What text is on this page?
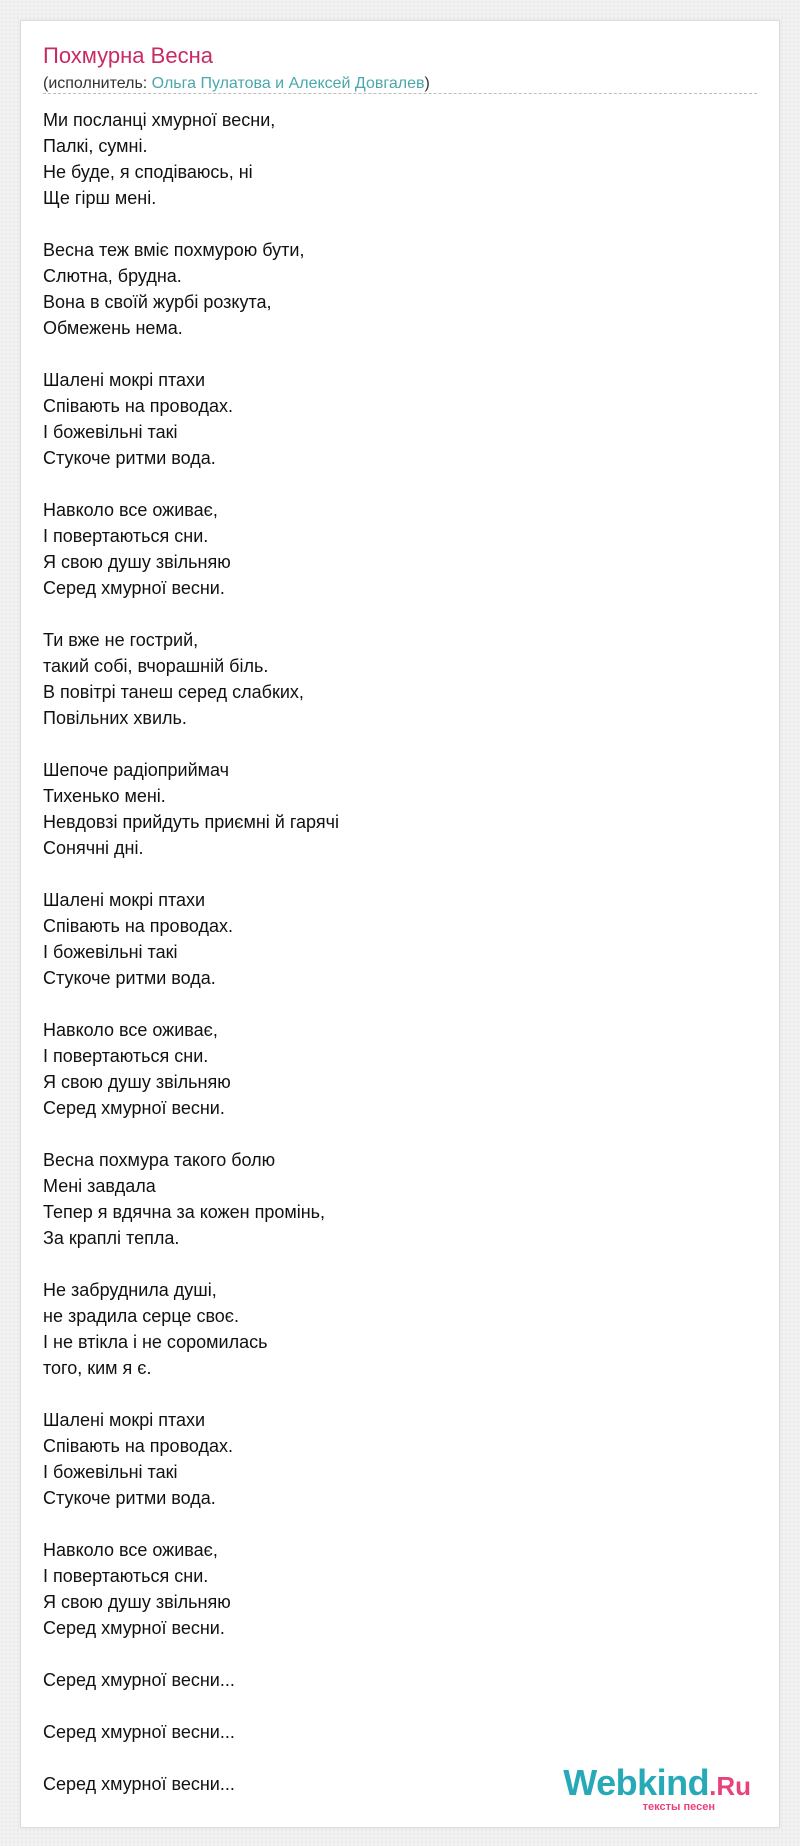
Похмурна Весна
(исполнитель: Ольга Пулатова и Алексей Довгалев)
Ми посланці хмурної весни,
Палкі, сумні.
Не буде, я сподіваюсь, ні
Ще гірш мені.
Весна теж вміє похмурою бути,
Слютна, брудна.
Вона в своїй журбі розкута,
Обмежень нема.
Шалені мокрі птахи
Співають на проводах.
І божевільні такі
Стукоче ритми вода.
Навколо все оживає,
І повертаються сни.
Я свою душу звільняю
Серед хмурної весни.
Ти вже не гострий,
такий собі, вчорашній біль.
В повітрі танеш серед слабких,
Повільних хвиль.
Шепоче радіоприймач
Тихенько мені.
Невдовзі прийдуть приємні й гарячі
Сонячні дні.
Шалені мокрі птахи
Співають на проводах.
І божевільні такі
Стукоче ритми вода.
Навколо все оживає,
І повертаються сни.
Я свою душу звільняю
Серед хмурної весни.
Весна похмура такого болю
Мені завдала
Тепер я вдячна за кожен промінь,
За краплі тепла.
Не забруднила душі,
не зрадила серце своє.
І не втікла і не соромилась
того, ким я є.
Шалені мокрі птахи
Співають на проводах.
І божевільні такі
Стукоче ритми вода.
Навколо все оживає,
І повертаються сни.
Я свою душу звільняю
Серед хмурної весни.
Серед хмурної весни...
Серед хмурної весни...
Серед хмурної весни...	Webkind.Ru
тексты песен
